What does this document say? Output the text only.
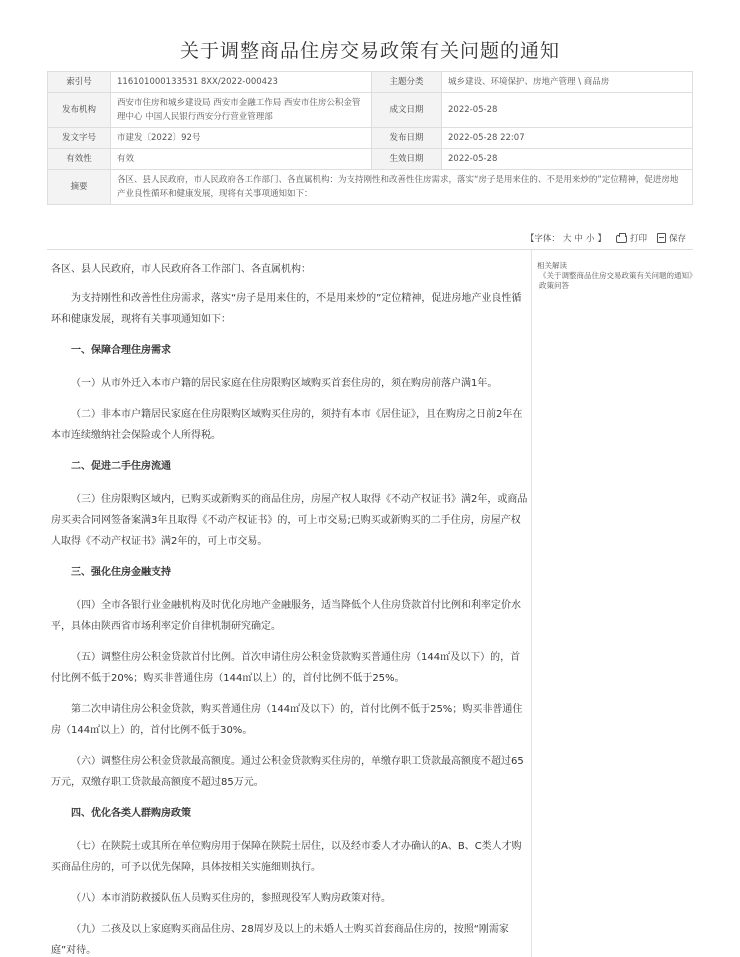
关于调整商品住房交易政策有关问题的通知
索引号	116101000133531 8XX/2022-000423	主题分类	城乡建设、环境保护、房地产管理 \ 商品房
发布机构	西安市住房和城乡建设局 西安市金融工作局 西安市住房公积金管理中心 中国人民银行西安分行营业管理部	成文日期	2022-05-28
发文字号	市建发〔2022〕92号	发布日期	2022-05-28 22:07
有效性	有效	生效日期	2022-05-28
摘要	各区、县人民政府，市人民政府各工作部门、各直属机构：为支持刚性和改善性住房需求，落实“房子是用来住的、不是用来炒的”定位精神，促进房地产业良性循环和健康发展，现将有关事项通知如下：		
【字体： 大 中 小 】	打印	保存
相关解读
《关于调整商品住房交易政策有关问题的通知》政策问答

各区、县人民政府，市人民政府各工作部门、各直属机构：

为支持刚性和改善性住房需求，落实“房子是用来住的，不是用来炒的”定位精神，促进房地产业良性循环和健康发展，现将有关事项通知如下：

一、保障合理住房需求

（一）从市外迁入本市户籍的居民家庭在住房限购区域购买首套住房的，须在购房前落户满1年。

（二）非本市户籍居民家庭在住房限购区域购买住房的，须持有本市《居住证》，且在购房之日前2年在本市连续缴纳社会保险或个人所得税。

二、促进二手住房流通

（三）住房限购区域内，已购买或新购买的商品住房，房屋产权人取得《不动产权证书》满2年，或商品房买卖合同网签备案满3年且取得《不动产权证书》的，可上市交易;已购买或新购买的二手住房，房屋产权人取得《不动产权证书》满2年的，可上市交易。

三、强化住房金融支持

（四）全市各银行业金融机构及时优化房地产金融服务，适当降低个人住房贷款首付比例和利率定价水平，具体由陕西省市场利率定价自律机制研究确定。

（五）调整住房公积金贷款首付比例。首次申请住房公积金贷款购买普通住房（144㎡及以下）的，首付比例不低于20%；购买非普通住房（144㎡以上）的，首付比例不低于25%。

第二次申请住房公积金贷款，购买普通住房（144㎡及以下）的，首付比例不低于25%；购买非普通住房（144㎡以上）的，首付比例不低于30%。

（六）调整住房公积金贷款最高额度。通过公积金贷款购买住房的，单缴存职工贷款最高额度不超过65万元，双缴存职工贷款最高额度不超过85万元。

四、优化各类人群购房政策

（七）在陕院士或其所在单位购房用于保障在陕院士居住，以及经市委人才办确认的A、B、C类人才购买商品住房的，可予以优先保障，具体按相关实施细则执行。

（八）本市消防救援队伍人员购买住房的，参照现役军人购房政策对待。

（九）二孩及以上家庭购买商品住房、28周岁及以上的未婚人士购买首套商品住房的，按照“刚需家庭”对待。
